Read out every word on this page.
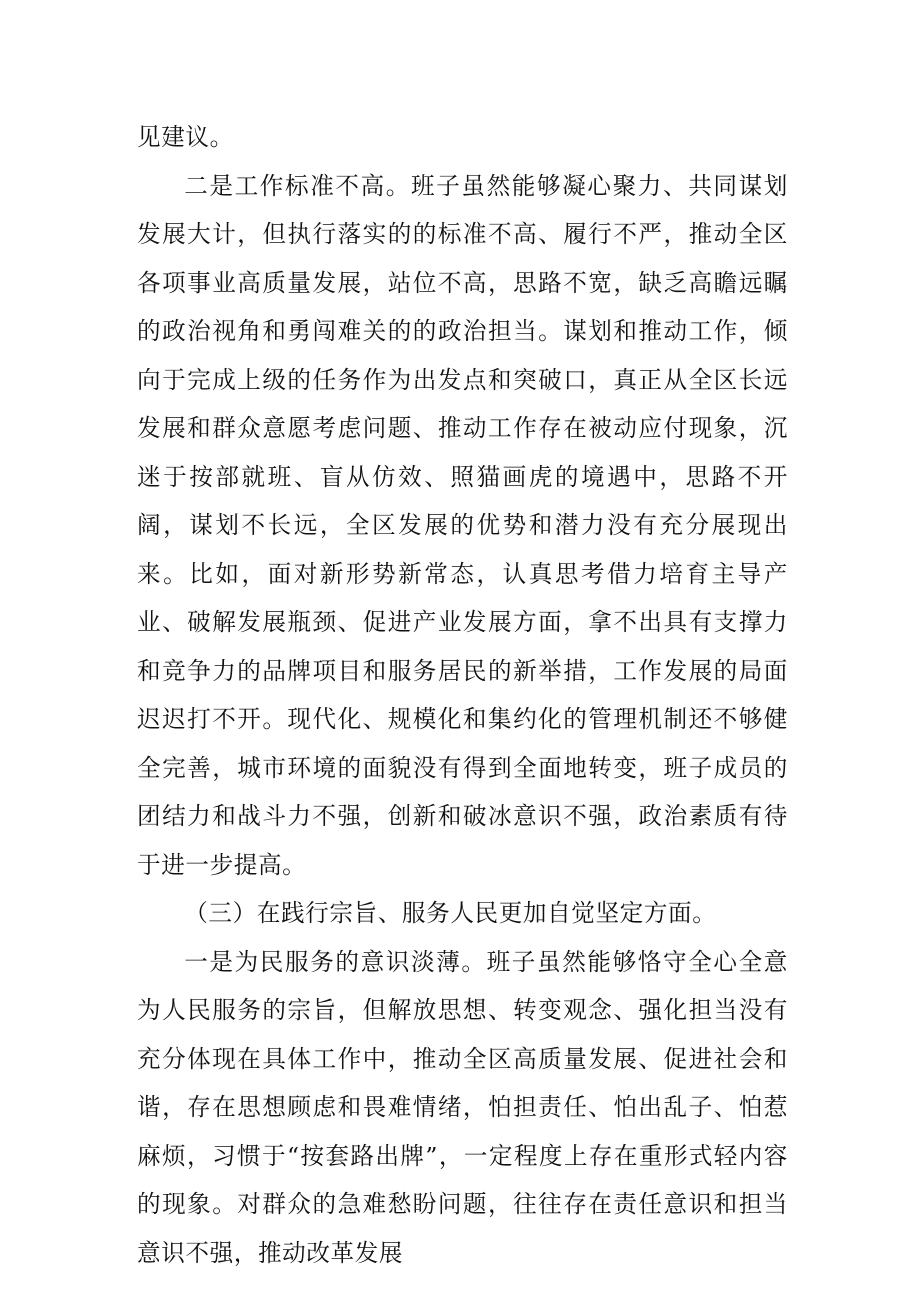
见建议。

二是工作标准不高。班子虽然能够凝心聚力、共同谋划发展大计，但执行落实的的标准不高、履行不严，推动全区各项事业高质量发展，站位不高，思路不宽，缺乏高瞻远瞩的政治视角和勇闯难关的的政治担当。谋划和推动工作，倾向于完成上级的任务作为出发点和突破口，真正从全区长远发展和群众意愿考虑问题、推动工作存在被动应付现象，沉迷于按部就班、盲从仿效、照猫画虎的境遇中，思路不开阔，谋划不长远，全区发展的优势和潜力没有充分展现出来。比如，面对新形势新常态，认真思考借力培育主导产业、破解发展瓶颈、促进产业发展方面，拿不出具有支撑力和竞争力的品牌项目和服务居民的新举措，工作发展的局面迟迟打不开。现代化、规模化和集约化的管理机制还不够健全完善，城市环境的面貌没有得到全面地转变，班子成员的团结力和战斗力不强，创新和破冰意识不强，政治素质有待于进一步提高。

（三）在践行宗旨、服务人民更加自觉坚定方面。

一是为民服务的意识淡薄。班子虽然能够恪守全心全意为人民服务的宗旨，但解放思想、转变观念、强化担当没有充分体现在具体工作中，推动全区高质量发展、促进社会和谐，存在思想顾虑和畏难情绪，怕担责任、怕出乱子、怕惹麻烦，习惯于“按套路出牌”，一定程度上存在重形式轻内容的现象。对群众的急难愁盼问题，往往存在责任意识和担当意识不强，推动改革发展
